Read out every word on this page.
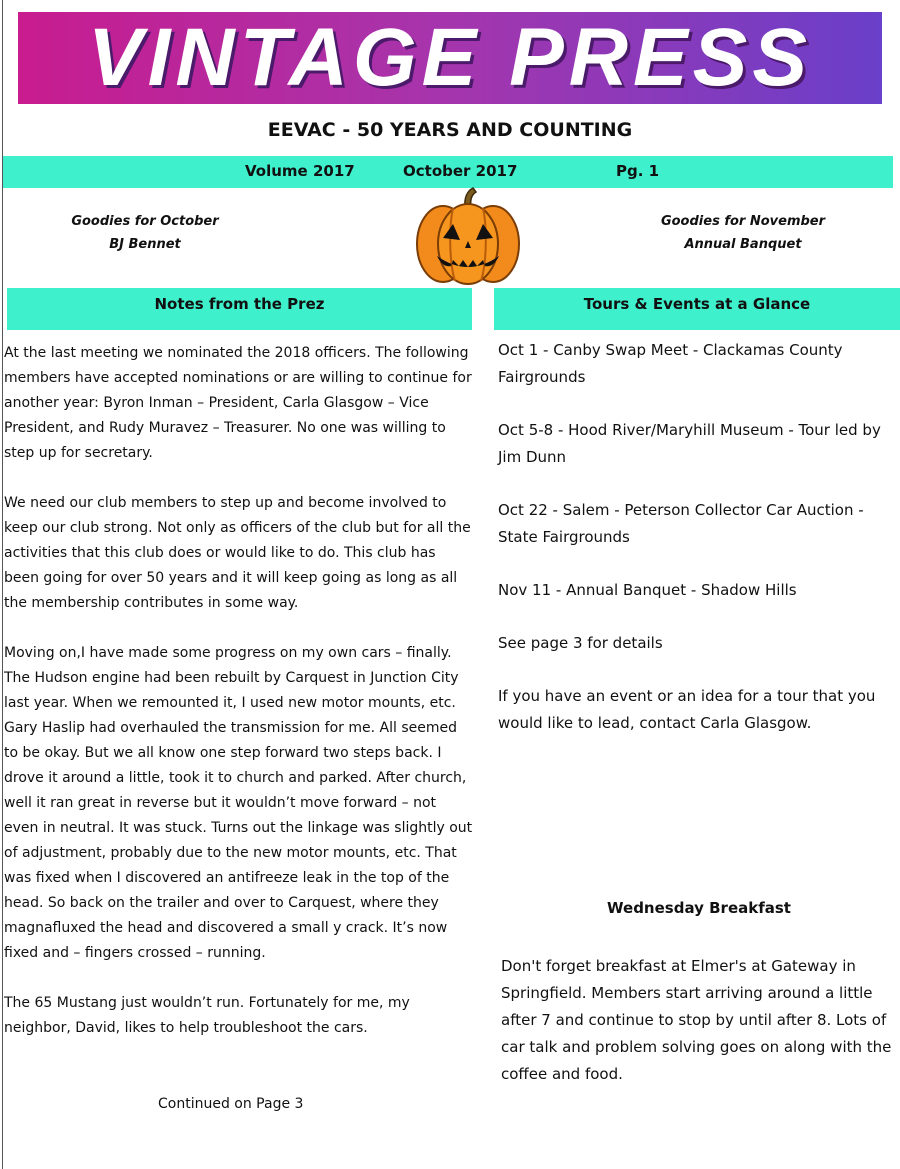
VINTAGE PRESS
EEVAC - 50 YEARS AND COUNTING
Volume 2017	October 2017	Pg. 1
Goodies for October
BJ Bennet
Goodies for November
Annual Banquet
Notes from the Prez	Tours & Events at a Glance

At the last meeting we nominated the 2018 officers. The following members have accepted nominations or are willing to continue for another year: Byron Inman – President, Carla Glasgow – Vice President, and Rudy Muravez – Treasurer. No one was willing to step up for secretary.

We need our club members to step up and become involved to keep our club strong. Not only as officers of the club but for all the activities that this club does or would like to do. This club has been going for over 50 years and it will keep going as long as all the membership contributes in some way.

Moving on,I have made some progress on my own cars – finally. The Hudson engine had been rebuilt by Carquest in Junction City last year. When we remounted it, I used new motor mounts, etc. Gary Haslip had overhauled the transmission for me. All seemed to be okay. But we all know one step forward two steps back. I drove it around a little, took it to church and parked. After church, well it ran great in reverse but it wouldn’t move forward – not even in neutral. It was stuck. Turns out the linkage was slightly out of adjustment, probably due to the new motor mounts, etc. That was fixed when I discovered an antifreeze leak in the top of the head. So back on the trailer and over to Carquest, where they magnafluxed the head and discovered a small y crack. It’s now fixed and – fingers crossed – running.

The 65 Mustang just wouldn’t run. Fortunately for me, my neighbor, David, likes to help troubleshoot the cars.

Continued on Page 3

Oct 1 - Canby Swap Meet - Clackamas County Fairgrounds

Oct 5-8 - Hood River/Maryhill Museum - Tour led by Jim Dunn

Oct 22 - Salem - Peterson Collector Car Auction - State Fairgrounds

Nov 11 - Annual Banquet - Shadow Hills

See page 3 for details

If you have an event or an idea for a tour that you would like to lead, contact Carla Glasgow.

Wednesday Breakfast
Don't forget breakfast at Elmer's at Gateway in Springfield. Members start arriving around a little after 7 and continue to stop by until after 8. Lots of car talk and problem solving goes on along with the coffee and food.
